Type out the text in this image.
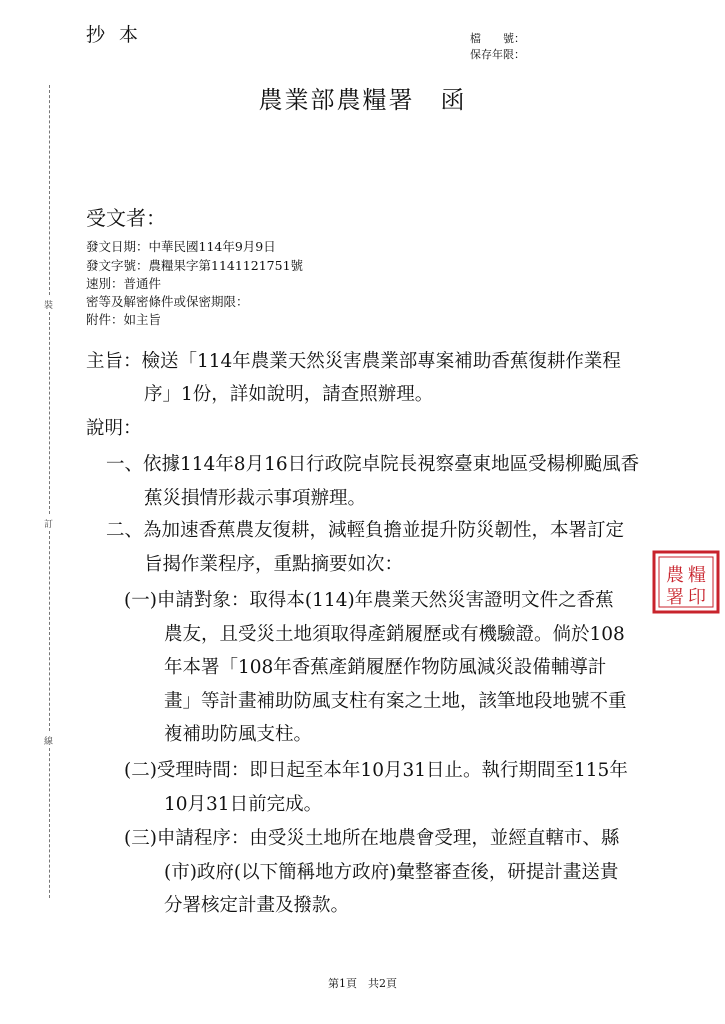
抄本	檔　　號：
保存年限：
農業部農糧署　函
裝
訂
線
受文者：
發文日期：中華民國114年9月9日
發文字號：農糧果字第1141121751號
速別：普通件
密等及解密條件或保密期限：
附件：如主旨
主旨：檢送「114年農業天然災害農業部專案補助香蕉復耕作業程
序」1份，詳如說明，請查照辦理。
說明：
一、依據114年8月16日行政院卓院長視察臺東地區受楊柳颱風香
蕉災損情形裁示事項辦理。
二、為加速香蕉農友復耕，減輕負擔並提升防災韌性，本署訂定
旨揭作業程序，重點摘要如次：
(一)申請對象：取得本(114)年農業天然災害證明文件之香蕉
農友，且受災土地須取得產銷履歷或有機驗證。倘於108
年本署「108年香蕉產銷履歷作物防風減災設備輔導計
畫」等計畫補助防風支柱有案之土地，該筆地段地號不重
複補助防風支柱。
(二)受理時間：即日起至本年10月31日止。執行期間至115年
10月31日前完成。
(三)申請程序：由受災土地所在地農會受理，並經直轄市、縣
(市)政府(以下簡稱地方政府)彙整審查後，研提計畫送貴
分署核定計畫及撥款。
農 糧
署 印
第1頁　共2頁
